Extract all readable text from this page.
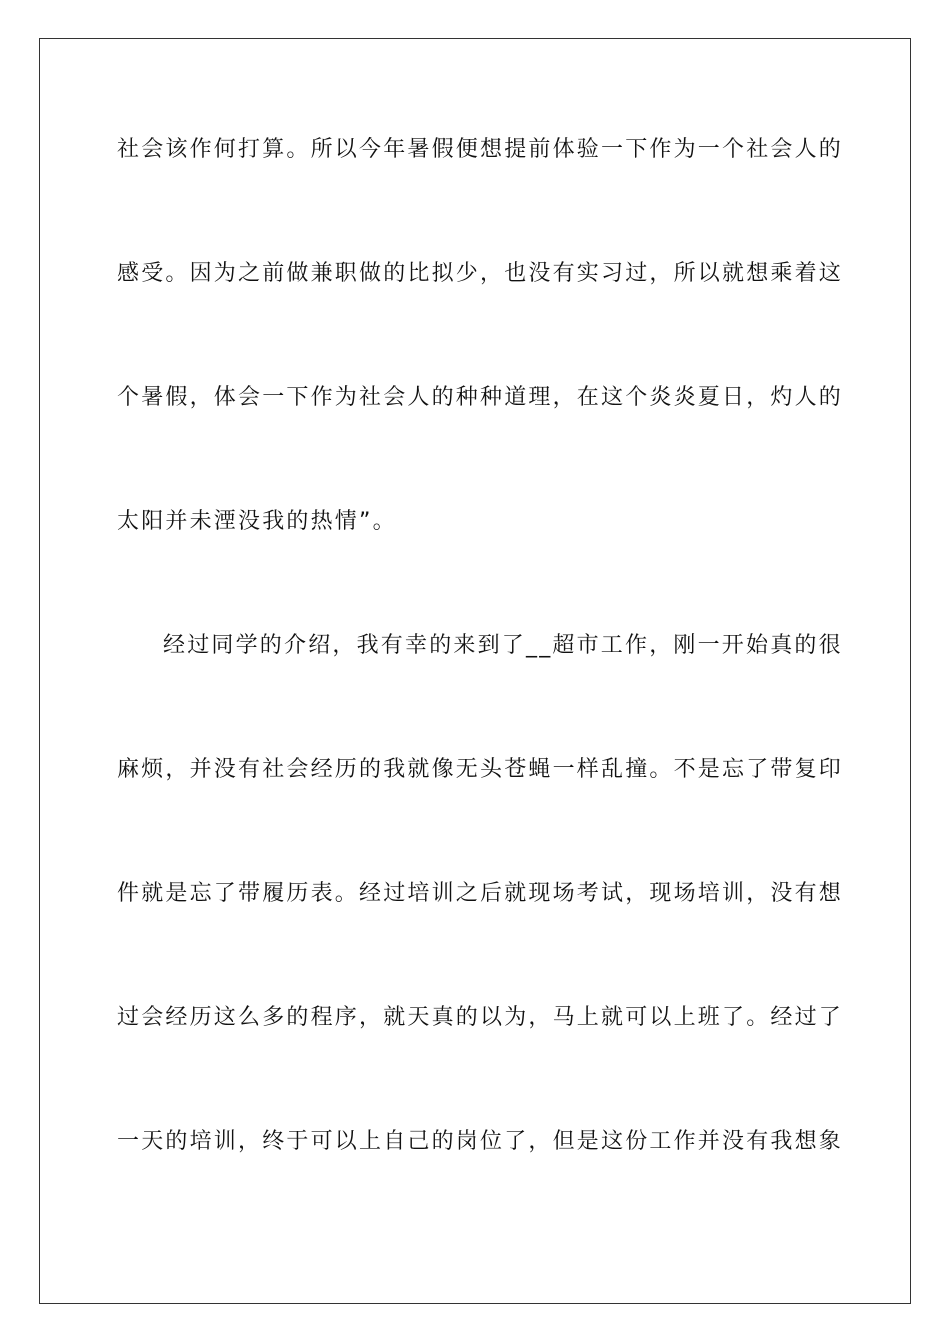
社会该作何打算。所以今年暑假便想提前体验一下作为一个社会人的
感受。因为之前做兼职做的比拟少，也没有实习过，所以就想乘着这
个暑假，体会一下作为社会人的种种道理，在这个炎炎夏日，灼人的
太阳并未湮没我的热情”。
经过同学的介绍，我有幸的来到了__超市工作，刚一开始真的很
麻烦，并没有社会经历的我就像无头苍蝇一样乱撞。不是忘了带复印
件就是忘了带履历表。经过培训之后就现场考试，现场培训，没有想
过会经历这么多的程序，就天真的以为，马上就可以上班了。经过了
一天的培训，终于可以上自己的岗位了，但是这份工作并没有我想象
